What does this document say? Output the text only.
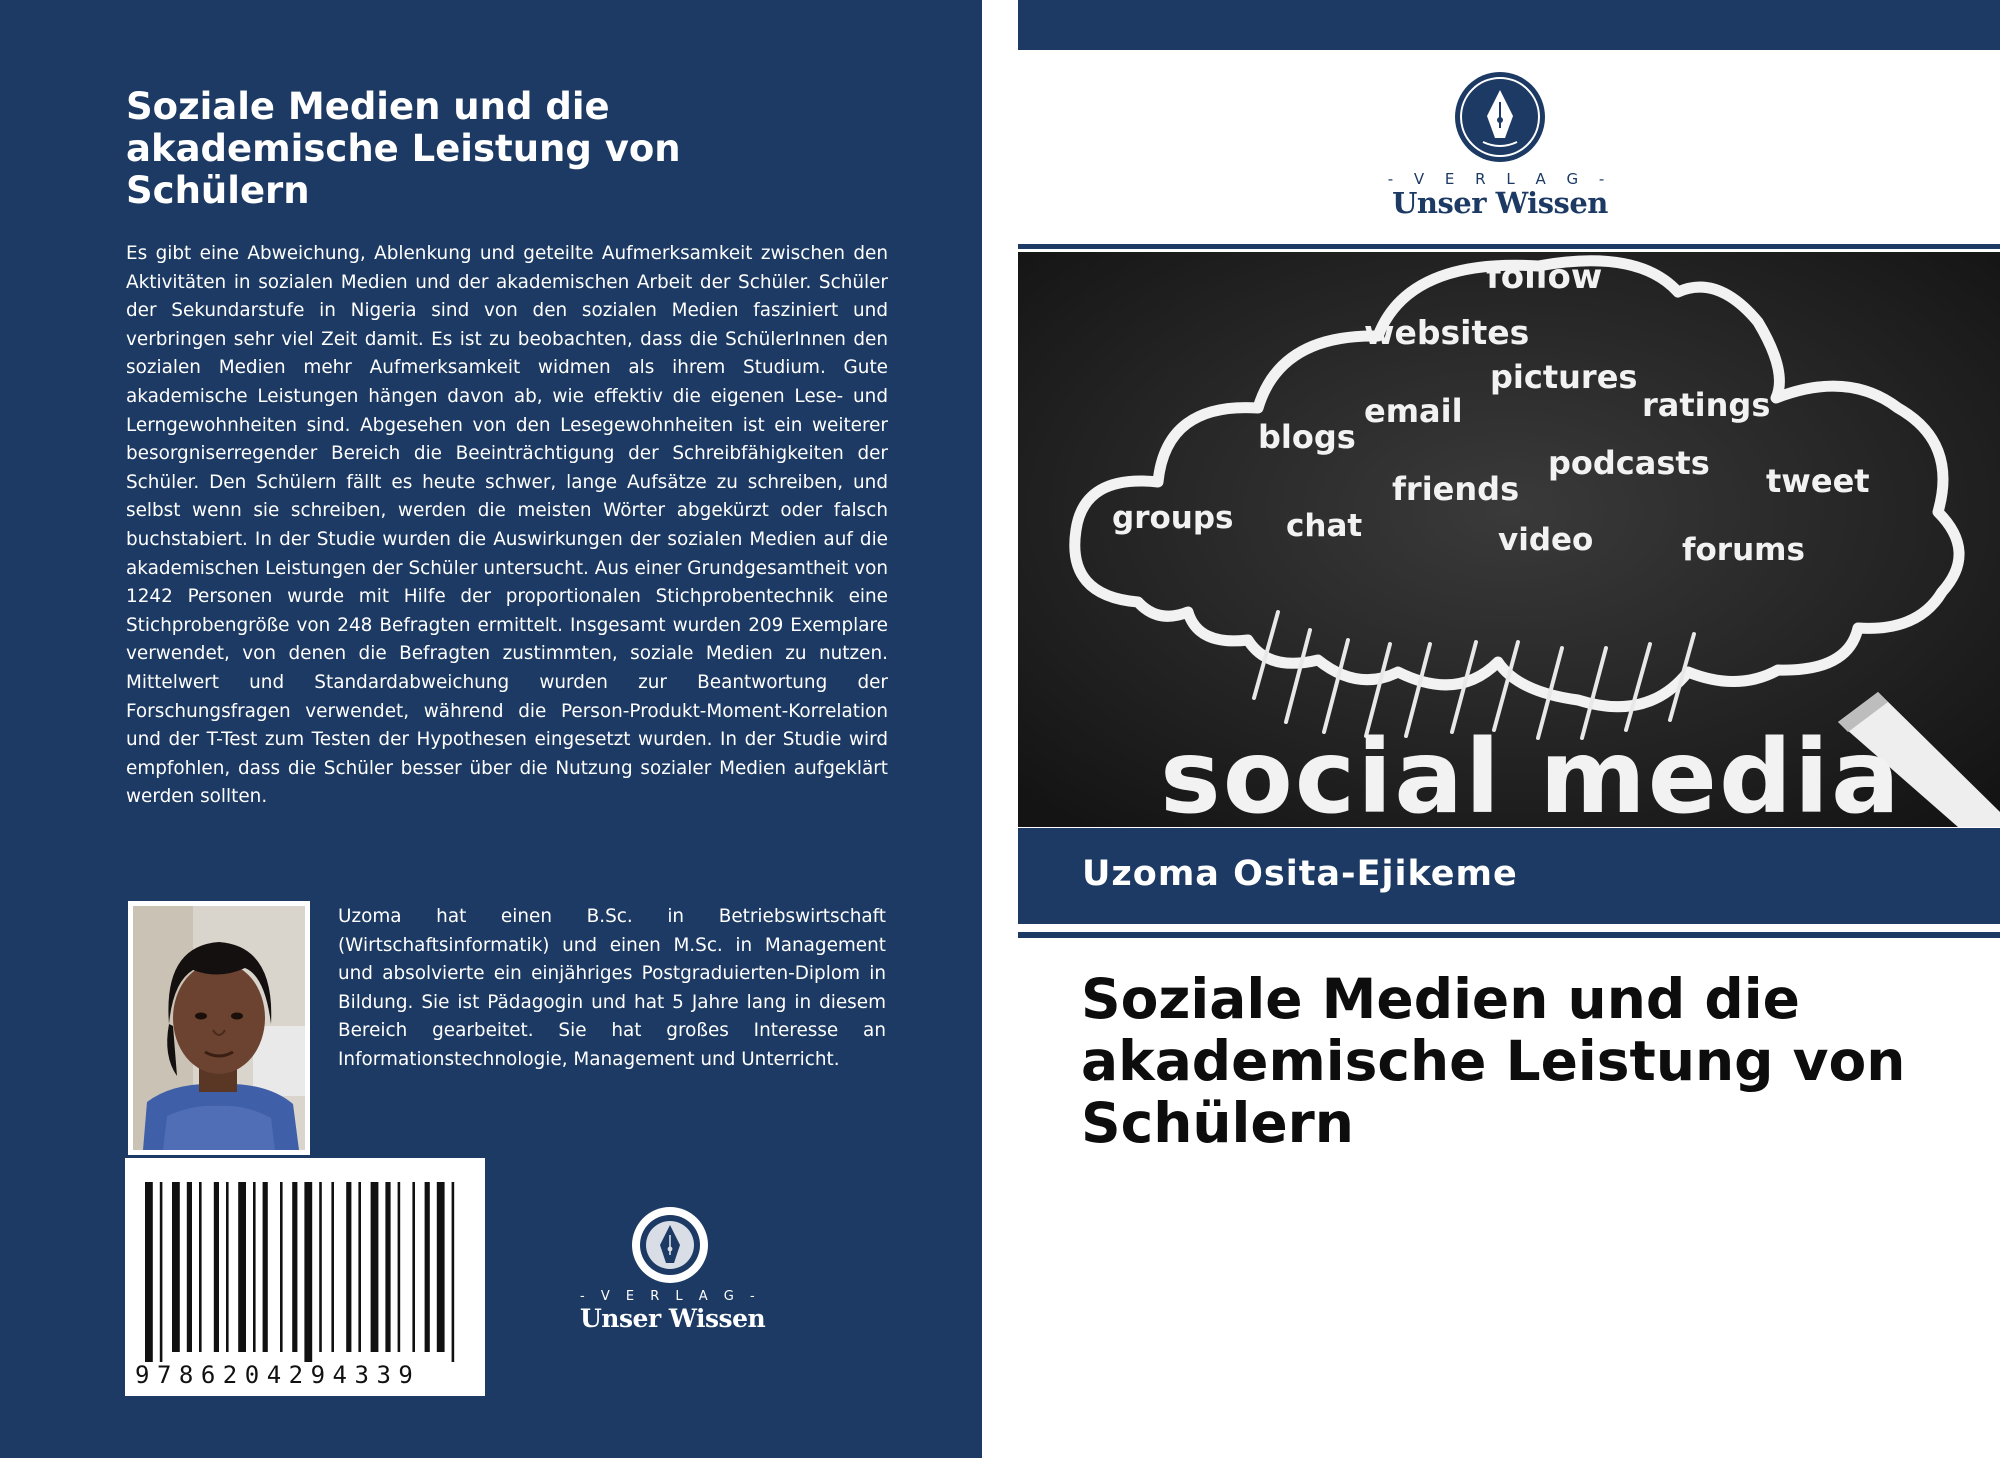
Soziale Medien und die akademische Leistung von Schülern
Es gibt eine Abweichung, Ablenkung und geteilte Aufmerksamkeit zwischen den Aktivitäten in sozialen Medien und der akademischen Arbeit der Schüler. Schüler der Sekundarstufe in Nigeria sind von den sozialen Medien fasziniert und verbringen sehr viel Zeit damit. Es ist zu beobachten, dass die SchülerInnen den sozialen Medien mehr Aufmerksamkeit widmen als ihrem Studium. Gute akademische Leistungen hängen davon ab, wie effektiv die eigenen Lese- und Lerngewohnheiten sind. Abgesehen von den Lesegewohnheiten ist ein weiterer besorgniserregender Bereich die Beeinträchtigung der Schreibfähigkeiten der Schüler. Den Schülern fällt es heute schwer, lange Aufsätze zu schreiben, und selbst wenn sie schreiben, werden die meisten Wörter abgekürzt oder falsch buchstabiert. In der Studie wurden die Auswirkungen der sozialen Medien auf die akademischen Leistungen der Schüler untersucht. Aus einer Grundgesamtheit von 1242 Personen wurde mit Hilfe der proportionalen Stichprobentechnik eine Stichprobengröße von 248 Befragten ermittelt. Insgesamt wurden 209 Exemplare verwendet, von denen die Befragten zustimmten, soziale Medien zu nutzen. Mittelwert und Standardabweichung wurden zur Beantwortung der Forschungsfragen verwendet, während die Person-Produkt-Moment-Korrelation und der T-Test zum Testen der Hypothesen eingesetzt wurden. In der Studie wird empfohlen, dass die Schüler besser über die Nutzung sozialer Medien aufgeklärt werden sollten.
Uzoma hat einen B.Sc. in Betriebswirtschaft (Wirtschaftsinformatik) und einen M.Sc. in Management und absolvierte ein einjähriges Postgraduierten-Diplom in Bildung. Sie ist Pädagogin und hat 5 Jahre lang in diesem Bereich gearbeitet. Sie hat großes Interesse an Informationstechnologie, Management und Unterricht.
9786204294339
- V E R L A G -
Unser Wissen
- V E R L A G -
Unser Wissen
follow
websites
pictures
email	ratings
blogs
podcasts tweet
friends
groups chat	video	forums
social media
Uzoma Osita-Ejikeme
Soziale Medien und die akademische Leistung von Schülern
